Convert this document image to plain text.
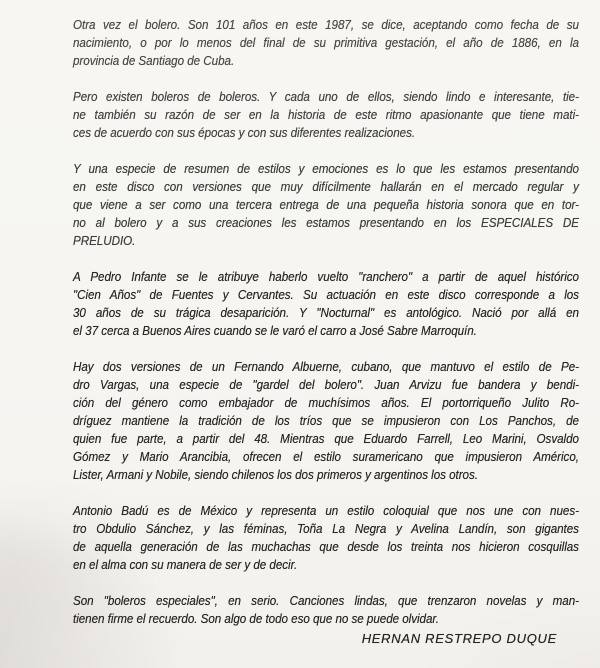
Otra vez el bolero. Son 101 años en este 1987, se dice, aceptando como fecha de su
nacimiento, o por lo menos del final de su primitiva gestación, el año de 1886, en la
provincia de Santiago de Cuba.

Pero existen boleros de boleros. Y cada uno de ellos, siendo lindo e interesante, tie-
ne también su razón de ser en la historia de este ritmo apasionante que tiene mati-
ces de acuerdo con sus épocas y con sus diferentes realizaciones.

Y una especie de resumen de estilos y emociones es lo que les estamos presentando
en este disco con versiones que muy difícilmente hallarán en el mercado regular y
que viene a ser como una tercera entrega de una pequeña historia sonora que en tor-
no al bolero y a sus creaciones les estamos presentando en los ESPECIALES DE
PRELUDIO.

A Pedro Infante se le atribuye haberlo vuelto "ranchero" a partir de aquel histórico
"Cien Años" de Fuentes y Cervantes. Su actuación en este disco corresponde a los
30 años de su trágica desaparición. Y "Nocturnal" es antológico. Nació por allá en
el 37 cerca a Buenos Aires cuando se le varó el carro a José Sabre Marroquín.

Hay dos versiones de un Fernando Albuerne, cubano, que mantuvo el estilo de Pe-
dro Vargas, una especie de "gardel del bolero". Juan Arvizu fue bandera y bendi-
ción del género como embajador de muchísimos años. El portorriqueño Julito Ro-
dríguez mantiene la tradición de los tríos que se impusieron con Los Panchos, de
quien fue parte, a partir del 48. Mientras que Eduardo Farrell, Leo Marini, Osvaldo
Gómez y Mario Arancibia, ofrecen el estilo suramericano que impusieron Américo,
Lister, Armani y Nobile, siendo chilenos los dos primeros y argentinos los otros.

Antonio Badú es de México y representa un estilo coloquial que nos une con nues-
tro Obdulio Sánchez, y las féminas, Toña La Negra y Avelina Landín, son gigantes
de aquella generación de las muchachas que desde los treinta nos hicieron cosquillas
en el alma con su manera de ser y de decir.

Son "boleros especiales", en serio. Canciones lindas, que trenzaron novelas y man-
tienen firme el recuerdo. Son algo de todo eso que no se puede olvidar.

HERNAN RESTREPO DUQUE
